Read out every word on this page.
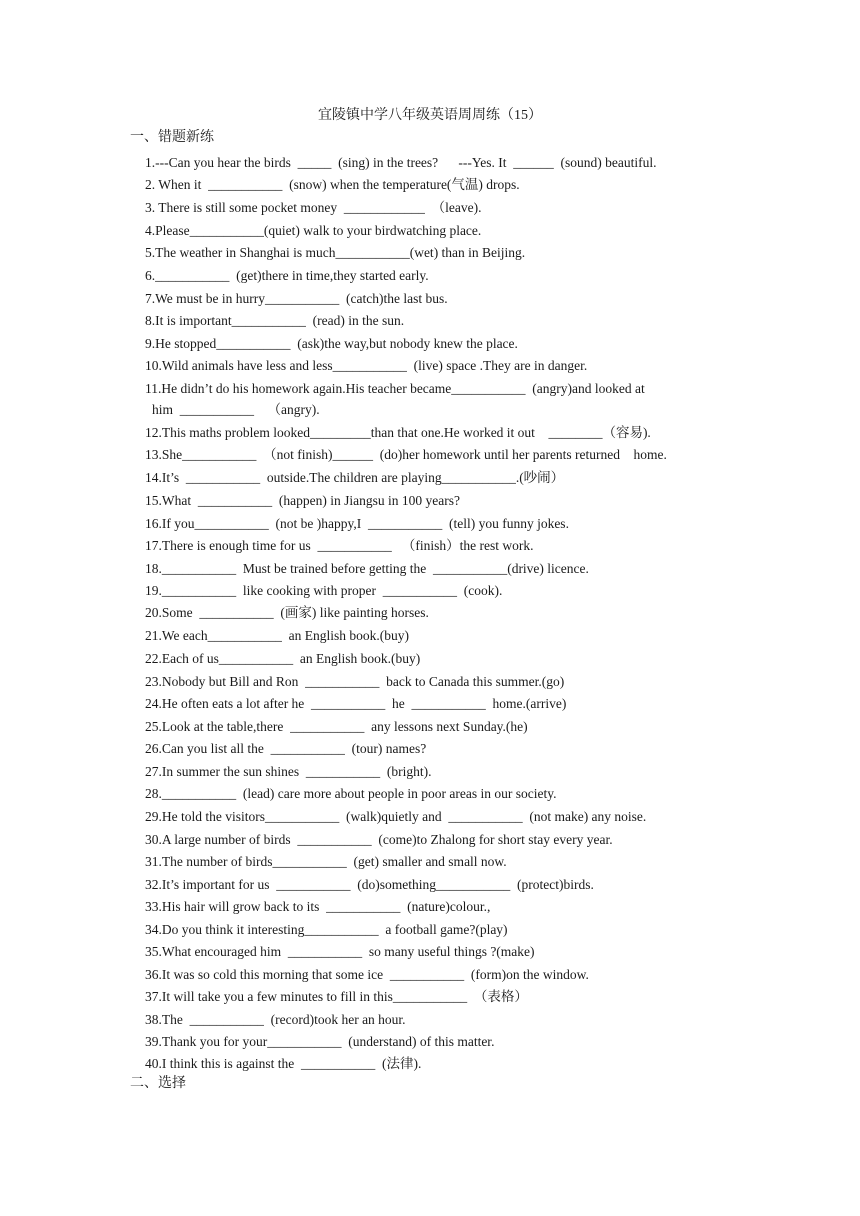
宜陵镇中学八年级英语周周练（15）
一、错题新练
1.---Can you hear the birds  _____  (sing) in the trees?      ---Yes. It  ______  (sound) beautiful.
2. When it  ___________  (snow) when the temperature(气温) drops.
3. There is still some pocket money  ____________  （leave).
4.Please___________(quiet) walk to your birdwatching place.
5.The weather in Shanghai is much___________(wet) than in Beijing.
6.___________  (get)there in time,they started early.
7.We must be in hurry___________  (catch)the last bus.
8.It is important___________  (read) in the sun.
9.He stopped___________  (ask)the way,but nobody knew the place.
10.Wild animals have less and less___________  (live) space .They are in danger.
11.He didn’t do his homework again.His teacher became___________  (angry)and looked at
him  ___________    （angry).
12.This maths problem looked_________than that one.He worked it out    ________（容易).
13.She___________  （not finish)______  (do)her homework until her parents returned    home.
14.It’s  ___________  outside.The children are playing___________.(吵闹）
15.What  ___________  (happen) in Jiangsu in 100 years?
16.If you___________  (not be )happy,I  ___________  (tell) you funny jokes.
17.There is enough time for us  ___________   （finish）the rest work.
18.___________  Must be trained before getting the  ___________(drive) licence.
19.___________  like cooking with proper  ___________  (cook).
20.Some  ___________  (画家) like painting horses.
21.We each___________  an English book.(buy)
22.Each of us___________  an English book.(buy)
23.Nobody but Bill and Ron  ___________  back to Canada this summer.(go)
24.He often eats a lot after he  ___________  he  ___________  home.(arrive)
25.Look at the table,there  ___________  any lessons next Sunday.(he)
26.Can you list all the  ___________  (tour) names?
27.In summer the sun shines  ___________  (bright).
28.___________  (lead) care more about people in poor areas in our society.
29.He told the visitors___________  (walk)quietly and  ___________  (not make) any noise.
30.A large number of birds  ___________  (come)to Zhalong for short stay every year.
31.The number of birds___________  (get) smaller and small now.
32.It’s important for us  ___________  (do)something___________  (protect)birds.
33.His hair will grow back to its  ___________  (nature)colour.,
34.Do you think it interesting___________  a football game?(play)
35.What encouraged him  ___________  so many useful things ?(make)
36.It was so cold this morning that some ice  ___________  (form)on the window.
37.It will take you a few minutes to fill in this___________  （表格）
38.The  ___________  (record)took her an hour.
39.Thank you for your___________  (understand) of this matter.
40.I think this is against the  ___________  (法律).
二、选择
